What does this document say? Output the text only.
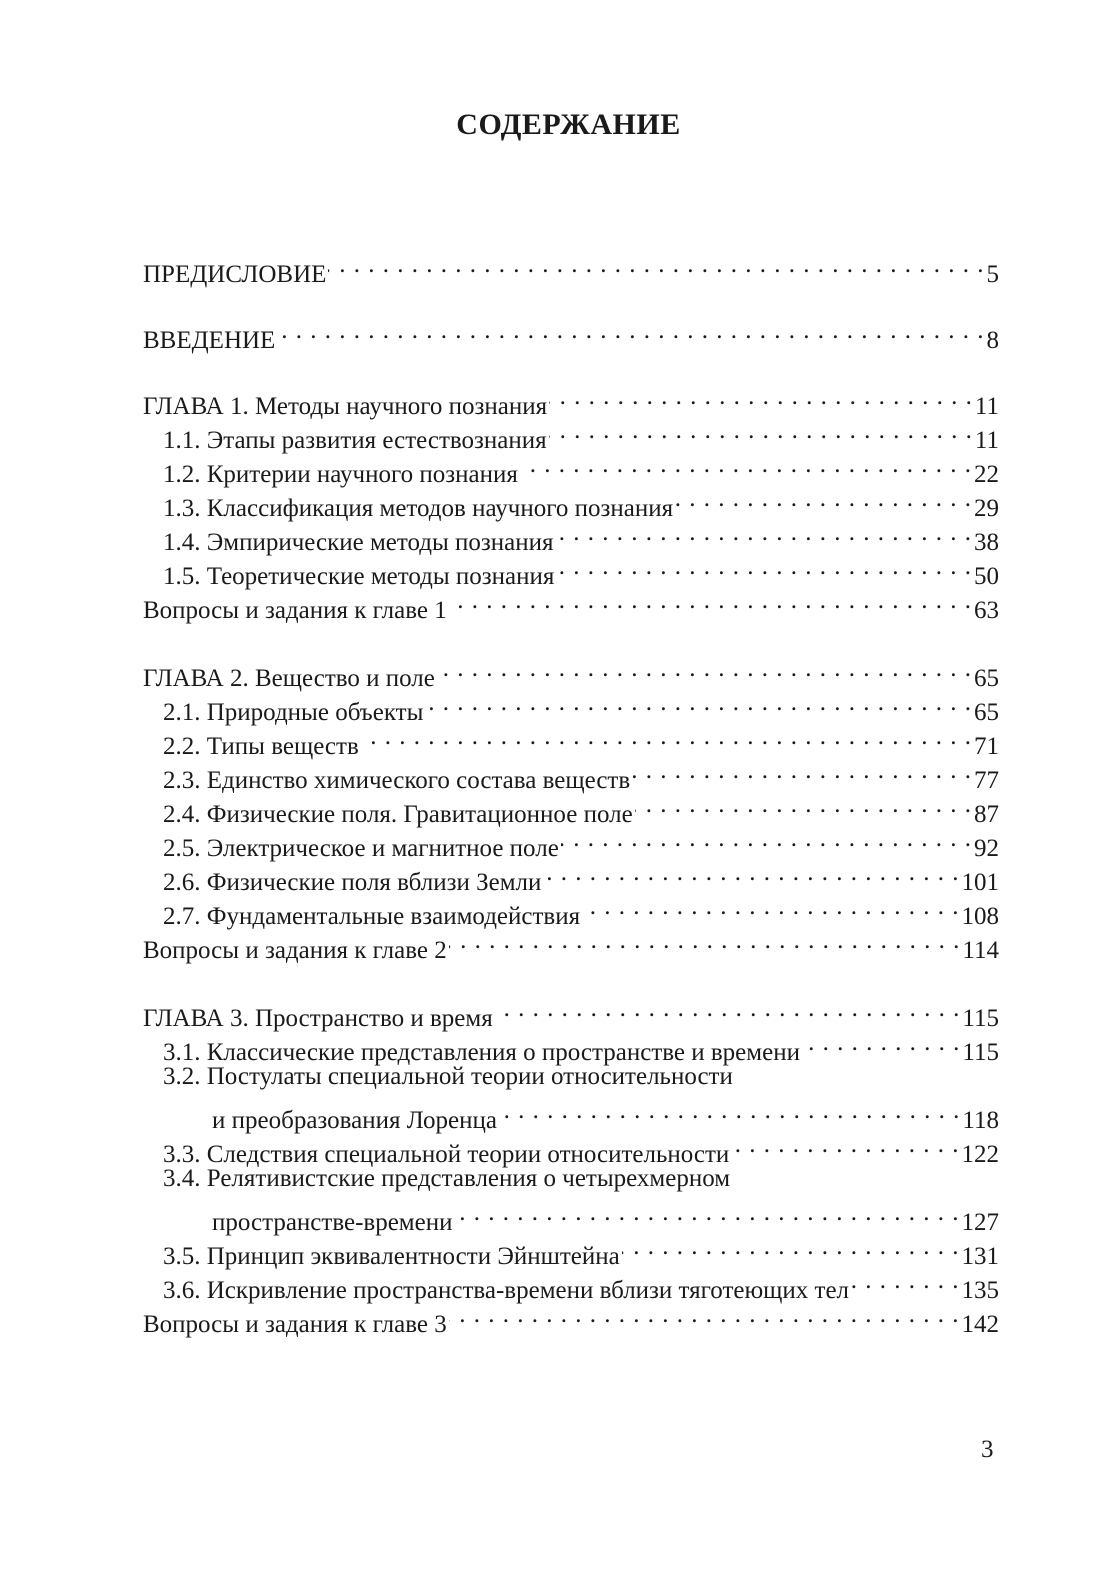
СОДЕРЖАНИЕ
ПРЕДИСЛОВИЕ . . .	5
ВВЕДЕНИЕ . . .	8
ГЛАВА 1. Методы научного познания . . .	11
1.1. Этапы развития естествознания . . .	11
1.2. Критерии научного познания . . .	22
1.3. Классификация методов научного познания . . .	29
1.4. Эмпирические методы познания . . .	38
1.5. Теоретические методы познания . . .	50
Вопросы и задания к главе 1 . . .	63
ГЛАВА 2. Вещество и поле . . .	65
2.1. Природные объекты . . .	65
2.2. Типы веществ . . .	71
2.3. Единство химического состава веществ . . .	77
2.4. Физические поля. Гравитационное поле . . .	87
2.5. Электрическое и магнитное поле . . .	92
2.6. Физические поля вблизи Земли . . .	101
2.7. Фундаментальные взаимодействия . . .	108
Вопросы и задания к главе 2 . . .	114
ГЛАВА 3. Пространство и время . . .	115
3.1. Классические представления о пространстве и времени . . .	115
3.2. Постулаты специальной теории относительности
и преобразования Лоренца . . .	118
3.3. Следствия специальной теории относительности . . .	122
3.4. Релятивистские представления о четырехмерном
пространстве-времени . . .	127
3.5. Принцип эквивалентности Эйнштейна . . .	131
3.6. Искривление пространства-времени вблизи тяготеющих тел . . .	135
Вопросы и задания к главе 3 . . .	142
3
